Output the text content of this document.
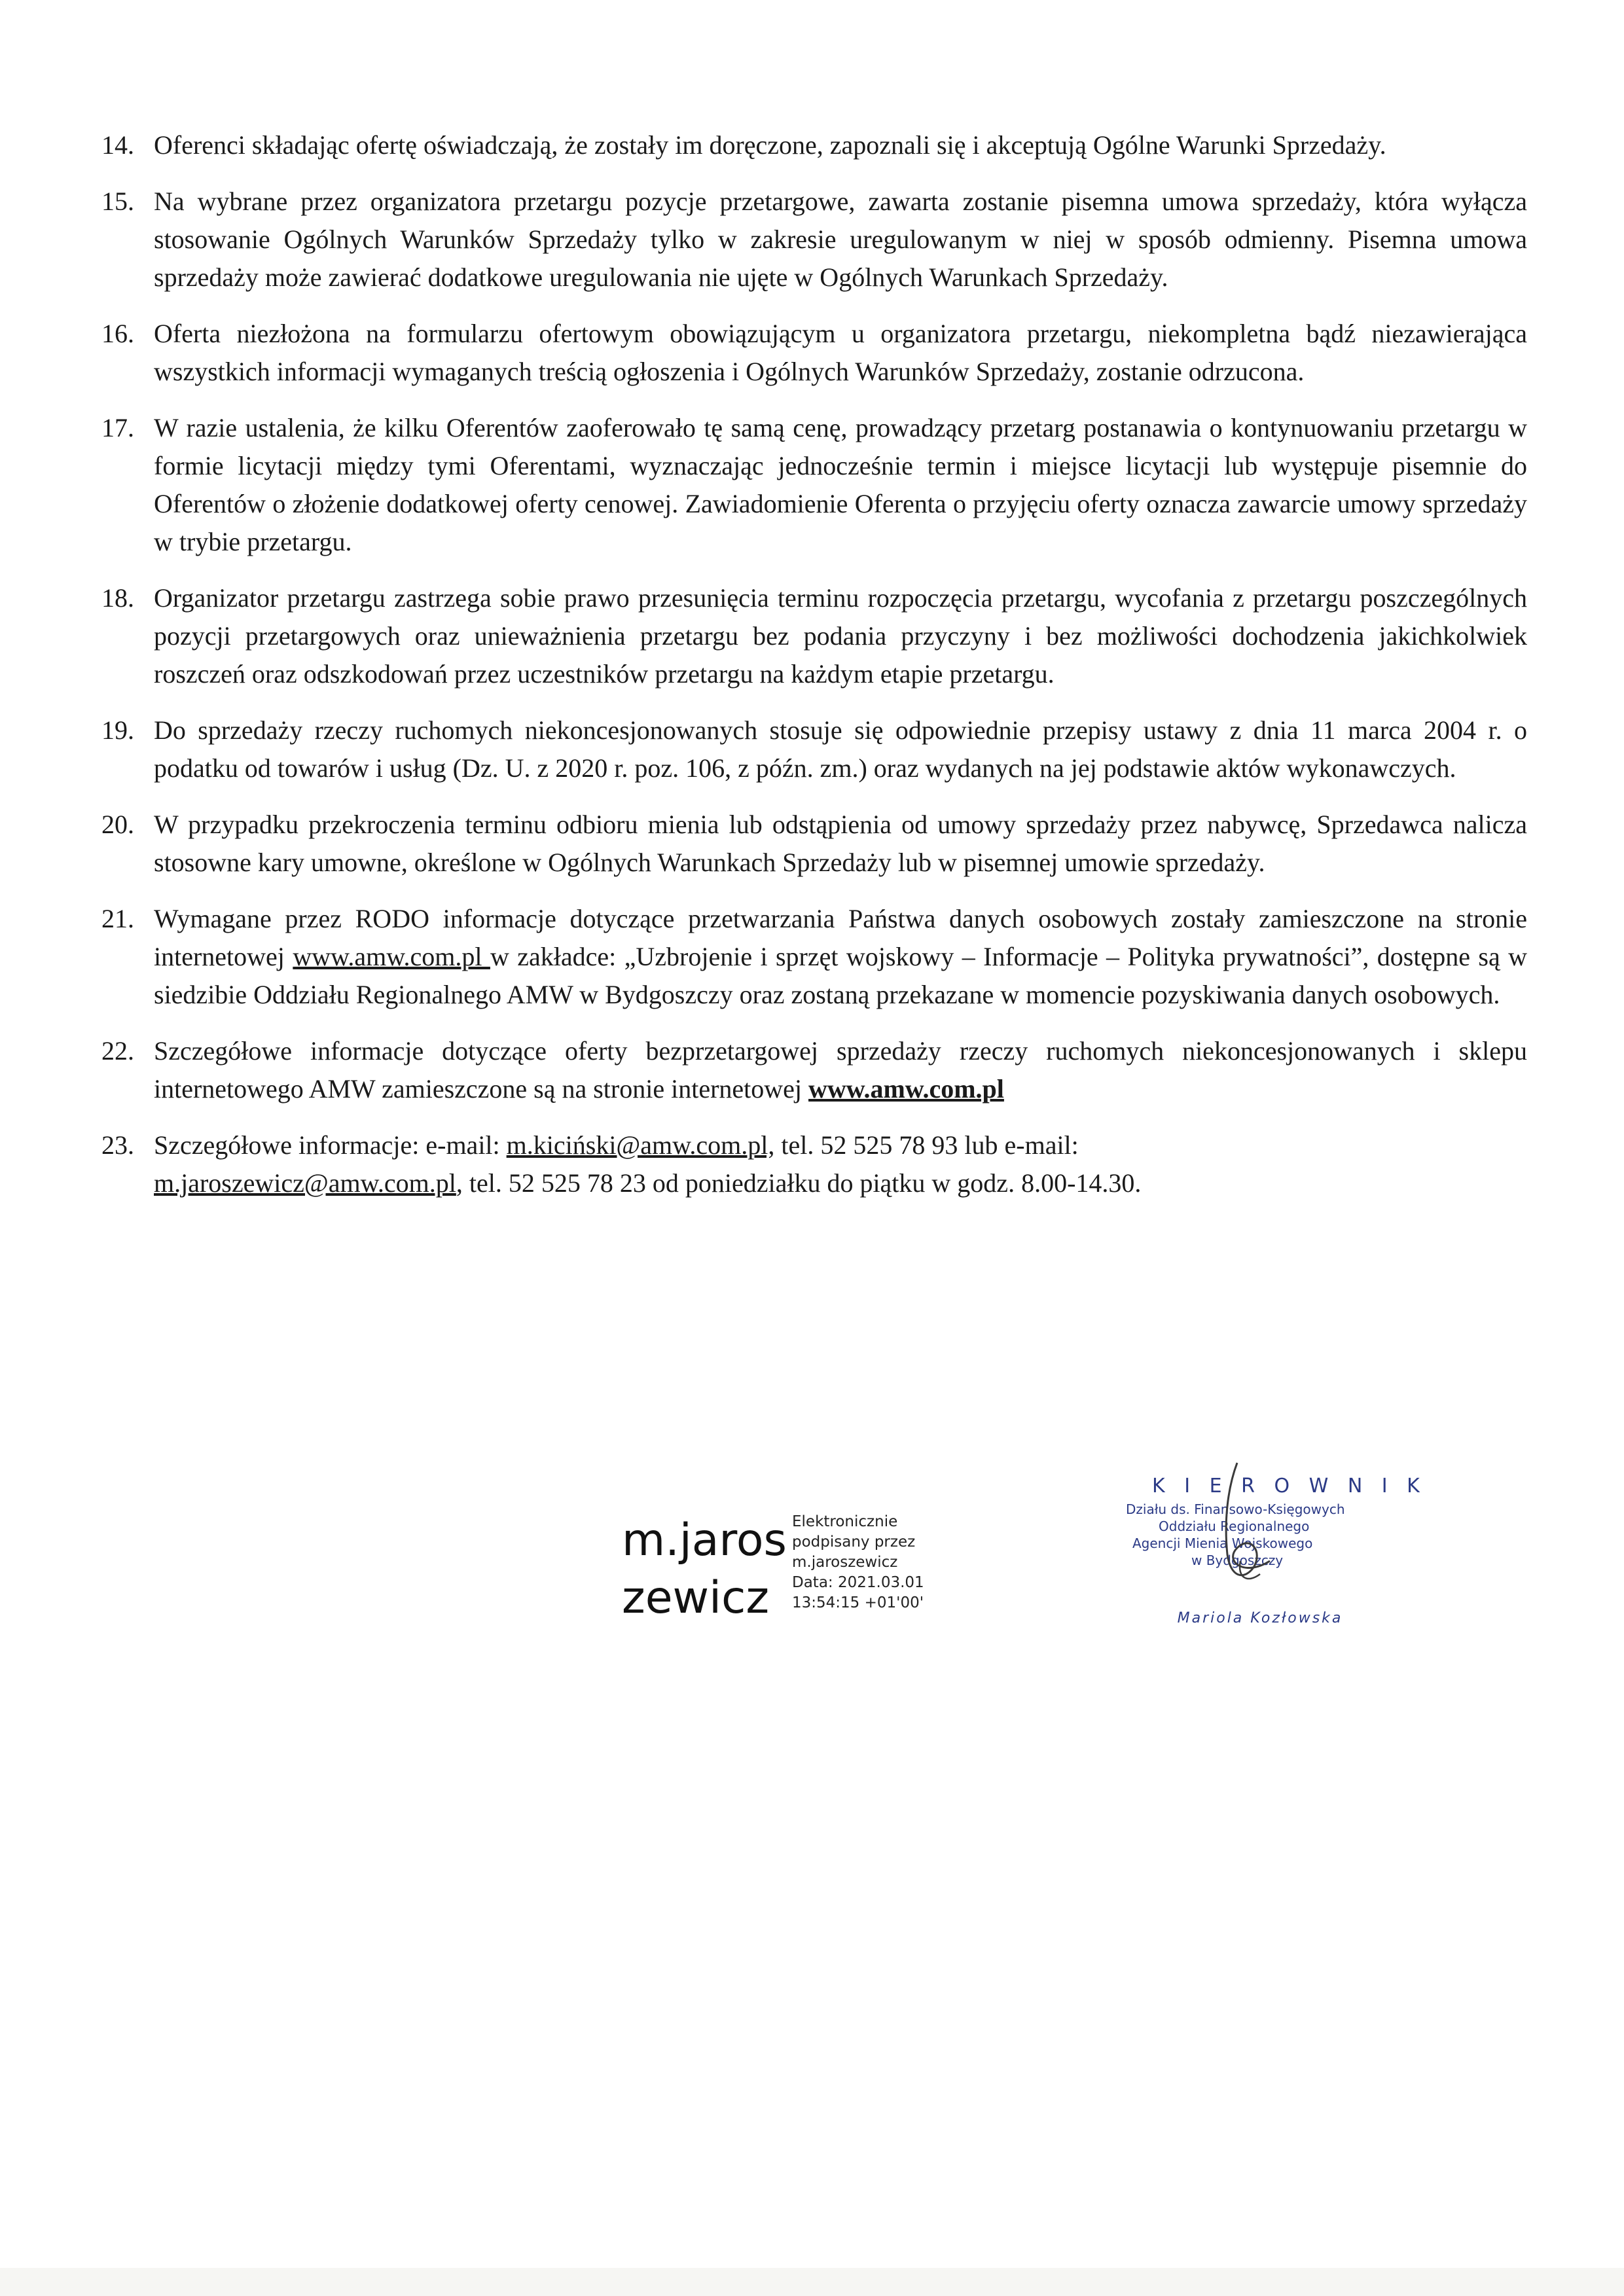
14. Oferenci składając ofertę oświadczają, że zostały im doręczone, zapoznali się i akceptują Ogólne Warunki Sprzedaży.
15. Na wybrane przez organizatora przetargu pozycje przetargowe, zawarta zostanie pisemna umowa sprzedaży, która wyłącza stosowanie Ogólnych Warunków Sprzedaży tylko w zakresie uregulowanym w niej w sposób odmienny. Pisemna umowa sprzedaży może zawierać dodatkowe uregulowania nie ujęte w Ogólnych Warunkach Sprzedaży.
16. Oferta niezłożona na formularzu ofertowym obowiązującym u organizatora przetargu, niekompletna bądź niezawierająca wszystkich informacji wymaganych treścią ogłoszenia i Ogólnych Warunków Sprzedaży, zostanie odrzucona.
17. W razie ustalenia, że kilku Oferentów zaoferowało tę samą cenę, prowadzący przetarg postanawia o kontynuowaniu przetargu w formie licytacji między tymi Oferentami, wyznaczając jednocześnie termin i miejsce licytacji lub występuje pisemnie do Oferentów o złożenie dodatkowej oferty cenowej. Zawiadomienie Oferenta o przyjęciu oferty oznacza zawarcie umowy sprzedaży w trybie przetargu.
18. Organizator przetargu zastrzega sobie prawo przesunięcia terminu rozpoczęcia przetargu, wycofania z przetargu poszczególnych pozycji przetargowych oraz unieważnienia przetargu bez podania przyczyny i bez możliwości dochodzenia jakichkolwiek roszczeń oraz odszkodowań przez uczestników przetargu na każdym etapie przetargu.
19. Do sprzedaży rzeczy ruchomych niekoncesjonowanych stosuje się odpowiednie przepisy ustawy z dnia 11 marca 2004 r. o podatku od towarów i usług (Dz. U. z 2020 r. poz. 106, z późn. zm.) oraz wydanych na jej podstawie aktów wykonawczych.
20. W przypadku przekroczenia terminu odbioru mienia lub odstąpienia od umowy sprzedaży przez nabywcę, Sprzedawca nalicza stosowne kary umowne, określone w Ogólnych Warunkach Sprzedaży lub w pisemnej umowie sprzedaży.
21. Wymagane przez RODO informacje dotyczące przetwarzania Państwa danych osobowych zostały zamieszczone na stronie internetowej www.amw.com.pl w zakładce: „Uzbrojenie i sprzęt wojskowy – Informacje – Polityka prywatności”, dostępne są w siedzibie Oddziału Regionalnego AMW w Bydgoszczy oraz zostaną przekazane w momencie pozyskiwania danych osobowych.
22. Szczegółowe informacje dotyczące oferty bezprzetargowej sprzedaży rzeczy ruchomych niekoncesjonowanych i sklepu internetowego AMW zamieszczone są na stronie internetowej www.amw.com.pl
23. Szczegółowe informacje: e-mail: m.kiciński@amw.com.pl, tel. 52 525 78 93 lub e-mail:
m.jaroszewicz@amw.com.pl, tel. 52 525 78 23 od poniedziałku do piątku w godz. 8.00-14.30.
m.jaros
zewicz
Elektronicznie
podpisany przez
m.jaroszewicz
Data: 2021.03.01
13:54:15 +01'00'
K I E R O W N I K
Działu ds. Finansowo-Księgowych
Oddziału Regionalnego
Agencji Mienia Wojskowego
w Bydgoszczy
Mariola Kozłowska
